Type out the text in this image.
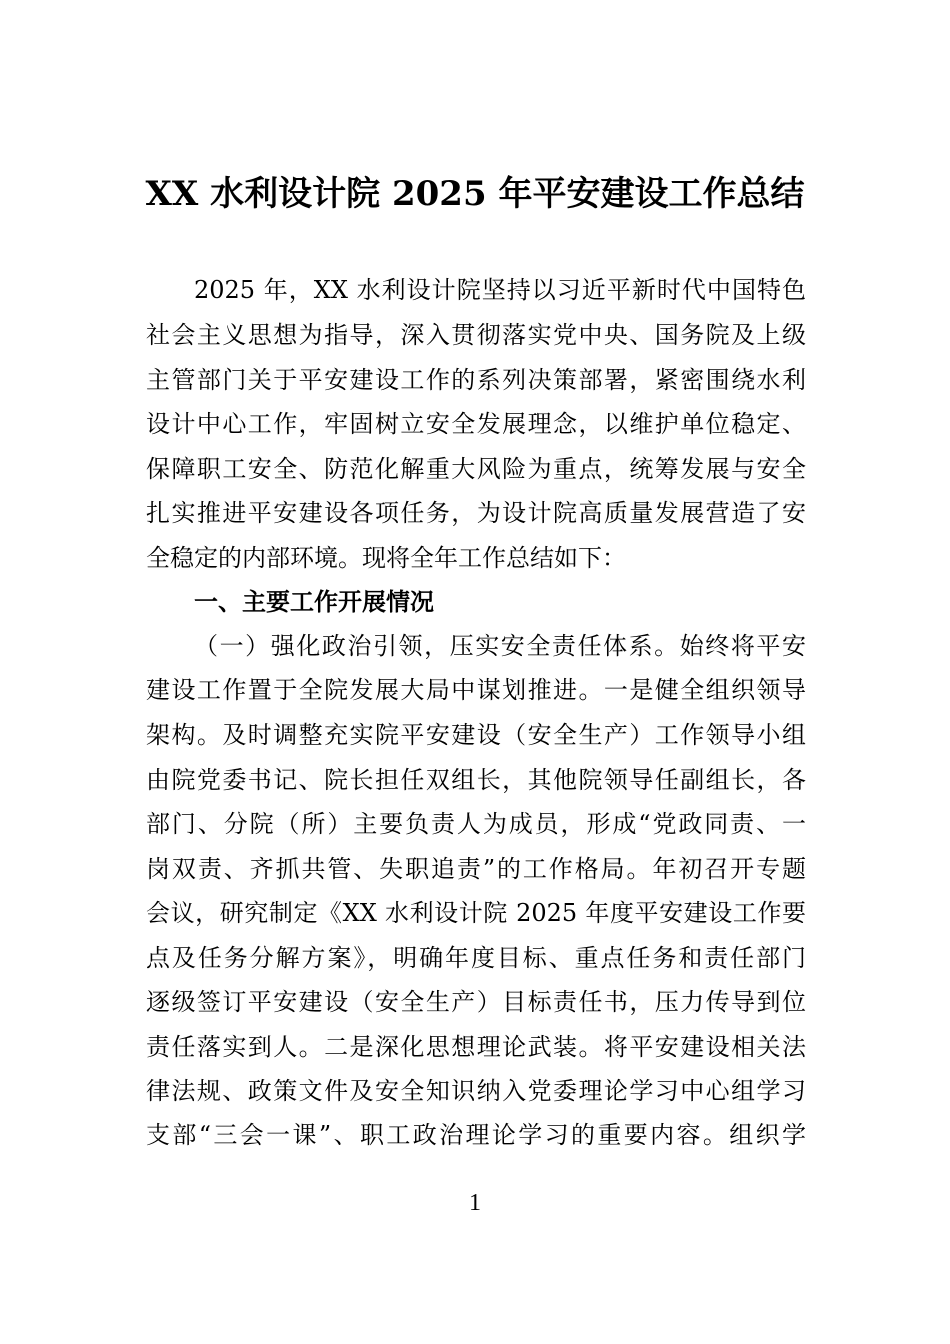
XX 水利设计院 2025 年平安建设工作总结
2025 年，XX 水利设计院坚持以习近平新时代中国特色
社会主义思想为指导，深入贯彻落实党中央、国务院及上级
主管部门关于平安建设工作的系列决策部署，紧密围绕水利
设计中心工作，牢固树立安全发展理念，以维护单位稳定、
保障职工安全、防范化解重大风险为重点，统筹发展与安全
扎实推进平安建设各项任务，为设计院高质量发展营造了安
全稳定的内部环境。现将全年工作总结如下：
一、主要工作开展情况
（一）强化政治引领，压实安全责任体系。始终将平安
建设工作置于全院发展大局中谋划推进。一是健全组织领导
架构。及时调整充实院平安建设（安全生产）工作领导小组
由院党委书记、院长担任双组长，其他院领导任副组长，各
部门、分院（所）主要负责人为成员，形成“党政同责、一
岗双责、齐抓共管、失职追责”的工作格局。年初召开专题
会议，研究制定《XX 水利设计院 2025 年度平安建设工作要
点及任务分解方案》，明确年度目标、重点任务和责任部门
逐级签订平安建设（安全生产）目标责任书，压力传导到位
责任落实到人。二是深化思想理论武装。将平安建设相关法
律法规、政策文件及安全知识纳入党委理论学习中心组学习
支部“三会一课”、职工政治理论学习的重要内容。组织学
1
